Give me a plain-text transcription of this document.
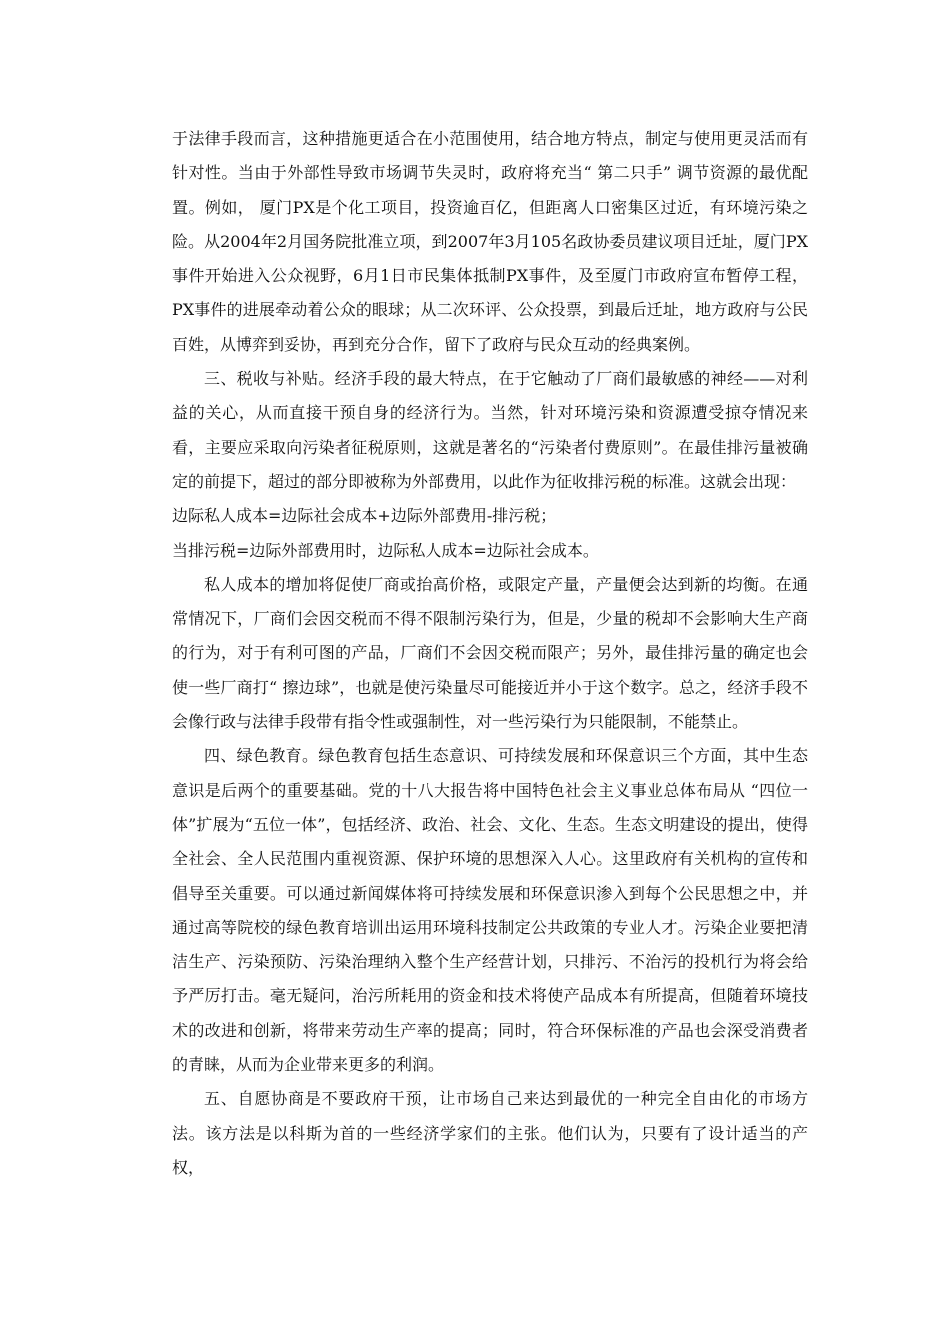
于法律手段而言，这种措施更适合在小范围使用，结合地方特点，制定与使用更灵活而有针对性。当由于外部性导致市场调节失灵时，政府将充当“ 第二只手” 调节资源的最优配置。例如， 厦门PX是个化工项目，投资逾百亿，但距离人口密集区过近，有环境污染之险。从2004年2月国务院批准立项，到2007年3月105名政协委员建议项目迁址，厦门PX事件开始进入公众视野，6月1日市民集体抵制PX事件，及至厦门市政府宣布暂停工程，PX事件的进展牵动着公众的眼球；从二次环评、公众投票，到最后迁址，地方政府与公民百姓，从博弈到妥协，再到充分合作，留下了政府与民众互动的经典案例。

三、税收与补贴。经济手段的最大特点，在于它触动了厂商们最敏感的神经——对利益的关心，从而直接干预自身的经济行为。当然，针对环境污染和资源遭受掠夺情况来看，主要应采取向污染者征税原则，这就是著名的“污染者付费原则”。在最佳排污量被确定的前提下，超过的部分即被称为外部费用，以此作为征收排污税的标准。这就会出现：

边际私人成本=边际社会成本+边际外部费用-排污税；

当排污税=边际外部费用时，边际私人成本=边际社会成本。

私人成本的增加将促使厂商或抬高价格，或限定产量，产量便会达到新的均衡。在通常情况下，厂商们会因交税而不得不限制污染行为，但是，少量的税却不会影响大生产商的行为，对于有利可图的产品，厂商们不会因交税而限产；另外，最佳排污量的确定也会使一些厂商打“ 擦边球”，也就是使污染量尽可能接近并小于这个数字。总之，经济手段不会像行政与法律手段带有指令性或强制性，对一些污染行为只能限制，不能禁止。

四、绿色教育。绿色教育包括生态意识、可持续发展和环保意识三个方面，其中生态意识是后两个的重要基础。党的十八大报告将中国特色社会主义事业总体布局从 “四位一体”扩展为“五位一体”，包括经济、政治、社会、文化、生态。生态文明建设的提出，使得全社会、全人民范围内重视资源、保护环境的思想深入人心。这里政府有关机构的宣传和倡导至关重要。可以通过新闻媒体将可持续发展和环保意识渗入到每个公民思想之中，并通过高等院校的绿色教育培训出运用环境科技制定公共政策的专业人才。污染企业要把清洁生产、污染预防、污染治理纳入整个生产经营计划，只排污、不治污的投机行为将会给予严厉打击。毫无疑问，治污所耗用的资金和技术将使产品成本有所提高，但随着环境技术的改进和创新，将带来劳动生产率的提高；同时，符合环保标准的产品也会深受消费者的青睐，从而为企业带来更多的利润。

五、自愿协商是不要政府干预，让市场自己来达到最优的一种完全自由化的市场方法。该方法是以科斯为首的一些经济学家们的主张。他们认为，只要有了设计适当的产权，
